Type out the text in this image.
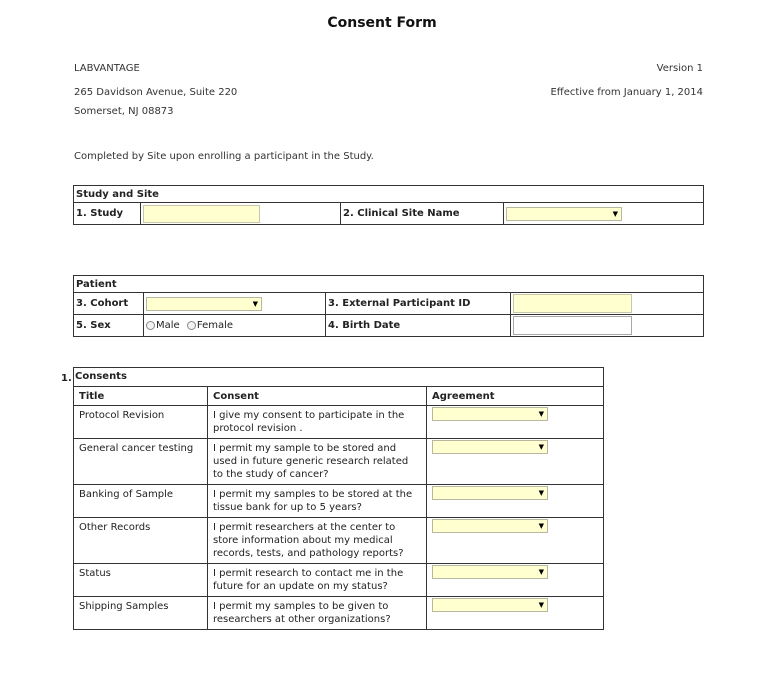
Consent Form
LABVANTAGE
265 Davidson Avenue, Suite 220
Somerset, NJ 08873
Version 1
Effective from January 1, 2014
Completed by Site upon enrolling a participant in the Study.
Study and Site
1. Study		2. Clinical Site Name	▼
Patient			
3. Cohort	▼	3. External Participant ID	
5. Sex	Male Female	4. Birth Date	
1. Consents		
Title	Consent	Agreement
Protocol Revision	I give my consent to participate in the protocol revision .	▼

General cancer testing	I permit my sample to be stored and used in future generic research related to the study of cancer?	▼

Banking of Sample	I permit my samples to be stored at the tissue bank for up to 5 years?	▼

Other Records	I permit researchers at the center to store information about my medical records, tests, and pathology reports?	▼

Status	I permit research to contact me in the future for an update on my status?	▼

Shipping Samples	I permit my samples to be given to researchers at other organizations?	▼
